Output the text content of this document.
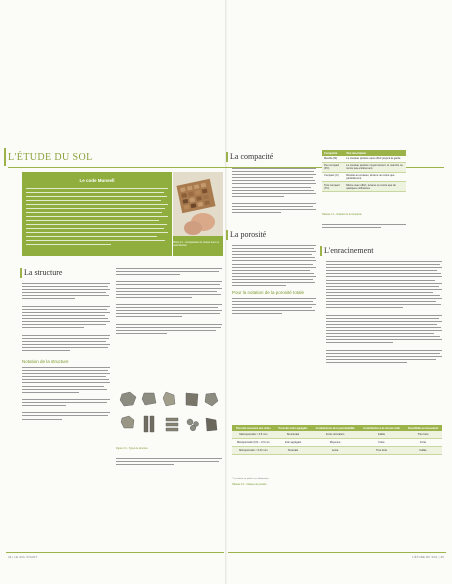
L'ÉTUDE DU SOL
Le code Munsell
Photo 4.1 – Comparaison de couleur avec un code Munsell
La structure
Notation de la structure
Figure 4.3 – Types de structure
La compacité	Compacité	Test descripteur
Meuble (M)	Le couteau pénètre sans effort jusqu'à la garde.
Peu compact (PC)	Le couteau pénètre moyennement, le manche ne rentre pas entièrement.
Compact (C)	Résiste au couteau, la lame ne rentre que partiellement.
Très compact (TC)	Même avec effort, la lame ne rentre que de quelques millimètres.
Tableau 4.4 – Notation de la compacité
La porosité
Pour la notation de la porosité totale
L'enracinement
Porosité associée aux vides	Porosité entre agrégats	Combinaison de la perméabilité	Contribution à la réserve utile	Sensibilité au tassement
Macroporosité > 0,5 mm	Structurale	Forte circulation	Faible	Très forte
Mésoporosité 0,01 – 0,5 mm	Inter-agrégats	Moyenne	Forte	Forte
Microporosité < 0,01 mm	Texturale	Lente	Très forte	Faible
* La texture se prête à ces distinctions
Tableau 4.5 – Classes de porosité
44 | LE SOL VIVANT	L'ÉTUDE DU SOL | 45
